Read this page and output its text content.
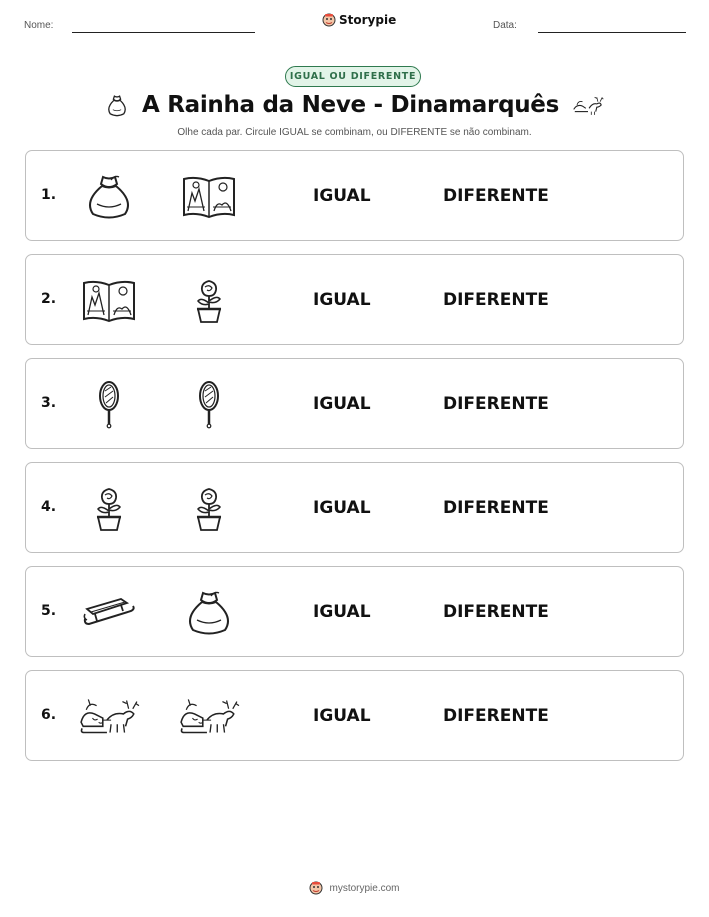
Nome:	Storypie	Data:
IGUAL OU DIFERENTE
A Rainha da Neve - Dinamarquês
Olhe cada par. Circule IGUAL se combinam, ou DIFERENTE se não combinam.
1.	IGUAL	DIFERENTE
2.	IGUAL	DIFERENTE
3.	IGUAL	DIFERENTE
4.	IGUAL	DIFERENTE
5.	IGUAL	DIFERENTE
6.	IGUAL	DIFERENTE
mystorypie.com
